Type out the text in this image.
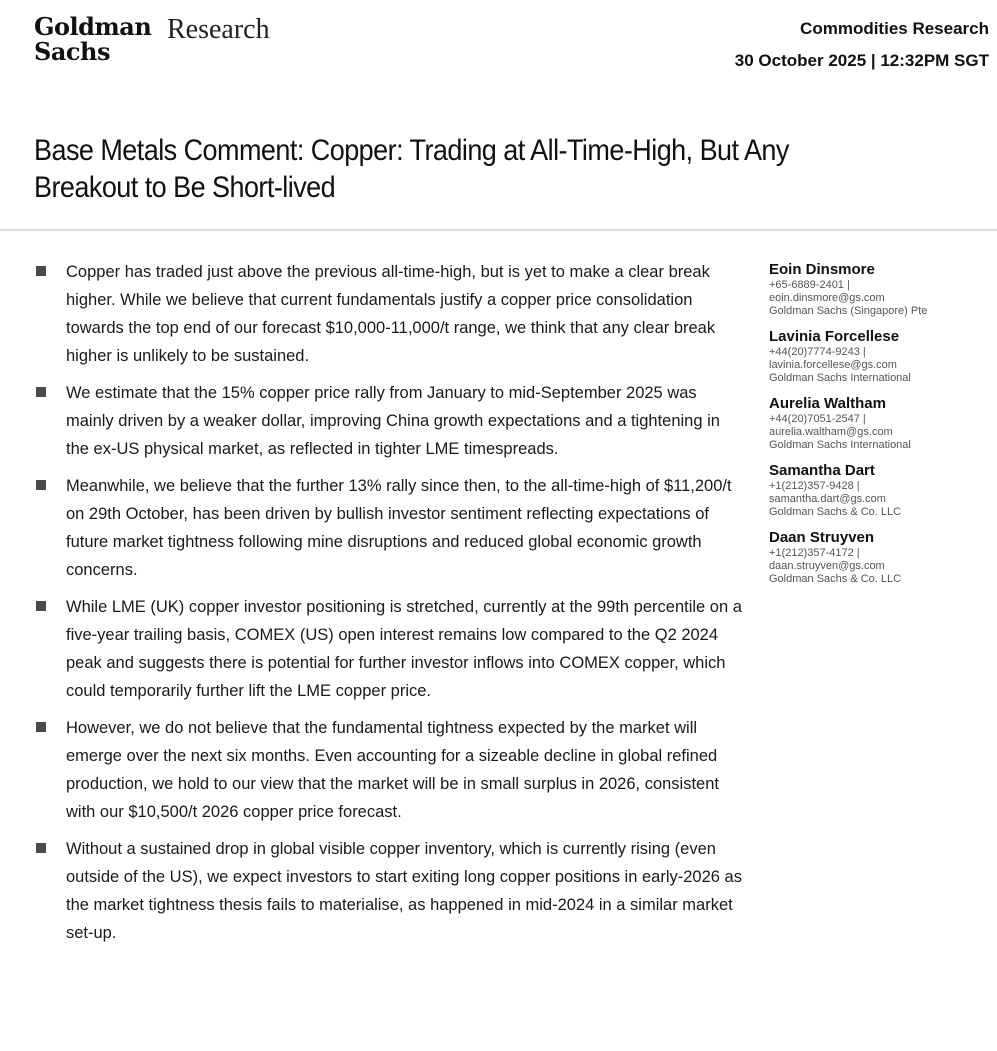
Goldman
Sachs
Research	Commodities Research
30 October 2025 | 12:32PM SGT
Base Metals Comment: Copper: Trading at All-Time-High, But Any Breakout to Be Short-lived
Copper has traded just above the previous all-time-high, but is yet to make a clear break higher. While we believe that current fundamentals justify a copper price consolidation towards the top end of our forecast $10,000-11,000/t range, we think that any clear break higher is unlikely to be sustained.
We estimate that the 15% copper price rally from January to mid-September 2025 was mainly driven by a weaker dollar, improving China growth expectations and a tightening in the ex-US physical market, as reflected in tighter LME timespreads.
Meanwhile, we believe that the further 13% rally since then, to the all-time-high of $11,200/t on 29th October, has been driven by bullish investor sentiment reflecting expectations of future market tightness following mine disruptions and reduced global economic growth concerns.
While LME (UK) copper investor positioning is stretched, currently at the 99th percentile on a five-year trailing basis, COMEX (US) open interest remains low compared to the Q2 2024 peak and suggests there is potential for further investor inflows into COMEX copper, which could temporarily further lift the LME copper price.
However, we do not believe that the fundamental tightness expected by the market will emerge over the next six months. Even accounting for a sizeable decline in global refined production, we hold to our view that the market will be in small surplus in 2026, consistent with our $10,500/t 2026 copper price forecast.
Without a sustained drop in global visible copper inventory, which is currently rising (even outside of the US), we expect investors to start exiting long copper positions in early-2026 as the market tightness thesis fails to materialise, as happened in mid-2024 in a similar market set-up.
Eoin Dinsmore
+65-6889-2401 |
eoin.dinsmore@gs.com
Goldman Sachs (Singapore) Pte
Lavinia Forcellese
+44(20)7774-9243 |
lavinia.forcellese@gs.com
Goldman Sachs International
Aurelia Waltham
+44(20)7051-2547 |
aurelia.waltham@gs.com
Goldman Sachs International
Samantha Dart
+1(212)357-9428 |
samantha.dart@gs.com
Goldman Sachs & Co. LLC
Daan Struyven
+1(212)357-4172 |
daan.struyven@gs.com
Goldman Sachs & Co. LLC
